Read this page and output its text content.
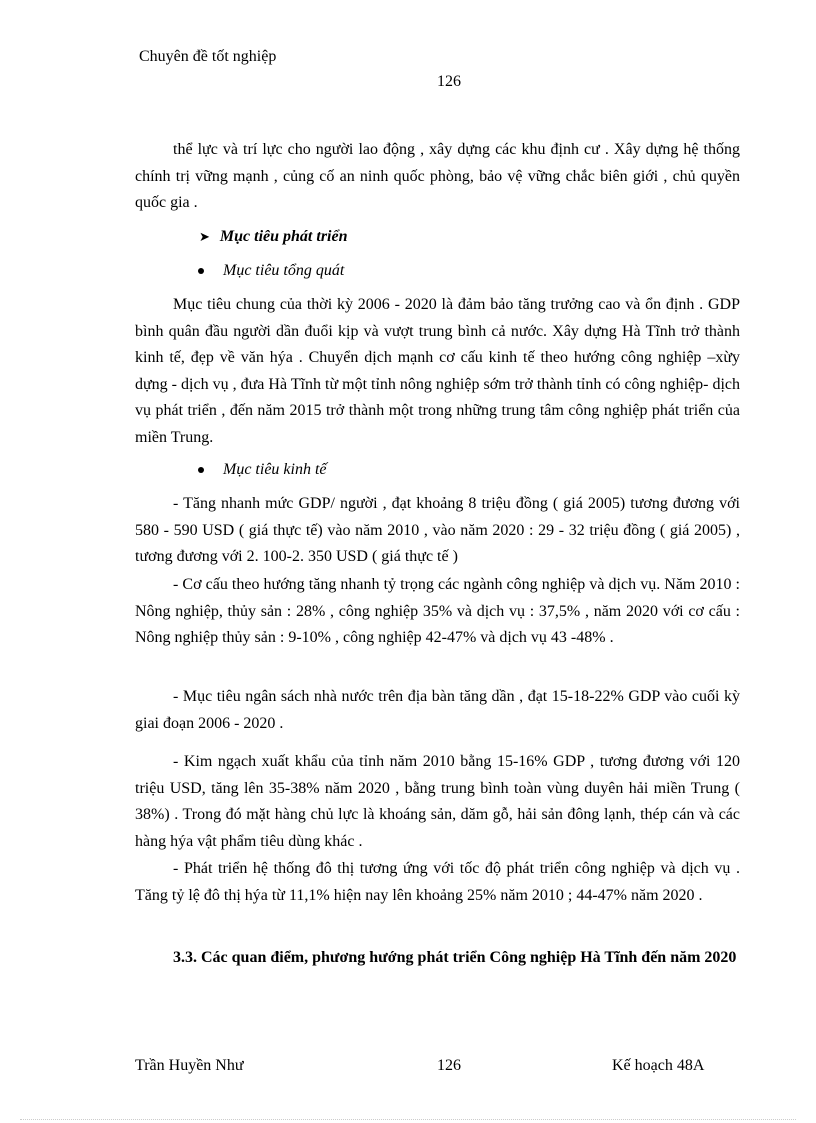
Chuyên đề tốt nghiệp
126

thể lực và trí lực cho người lao động , xây dựng các khu định cư . Xây dựng hệ thống chính trị vững mạnh , củng cố an ninh quốc phòng, bảo vệ vững chắc biên giới , chủ quyền quốc gia .

➤ Mục tiêu phát triển
Mục tiêu tổng quát

Mục tiêu chung của thời kỳ 2006 - 2020 là đảm bảo tăng trưởng cao và ổn định . GDP bình quân đầu người dần đuổi kịp và vượt trung bình cả nước. Xây dựng Hà Tĩnh trở thành kinh tế, đẹp về văn hýa . Chuyển dịch mạnh cơ cấu kinh tế theo hướng công nghiệp –xừy dựng - dịch vụ , đưa Hà Tĩnh từ một tỉnh nông nghiệp sớm trở thành tỉnh có công nghiệp- dịch vụ phát triển , đến năm 2015 trở thành một trong những trung tâm công nghiệp phát triển của miền Trung.

Mục tiêu kinh tế

- Tăng nhanh mức GDP/ người , đạt khoảng 8 triệu đồng ( giá 2005) tương đương với 580 - 590 USD ( giá thực tế) vào năm 2010 , vào năm 2020 : 29 - 32 triệu đồng ( giá 2005) , tương đương với 2. 100-2. 350 USD ( giá thực tế )

- Cơ cấu theo hướng tăng nhanh tỷ trọng các ngành công nghiệp và dịch vụ. Năm 2010 : Nông nghiệp, thủy sản : 28% , công nghiệp 35% và dịch vụ : 37,5% , năm 2020 với cơ cấu : Nông nghiệp thủy sản : 9-10% , công nghiệp 42-47% và dịch vụ 43 -48% .

- Mục tiêu ngân sách nhà nước trên địa bàn tăng dần , đạt 15-18-22% GDP vào cuối kỳ giai đoạn 2006 - 2020 .

- Kim ngạch xuất khẩu của tỉnh năm 2010 bằng 15-16% GDP , tương đương với 120 triệu USD, tăng lên 35-38% năm 2020 , bằng trung bình toàn vùng duyên hải miền Trung ( 38%) . Trong đó mặt hàng chủ lực là khoáng sản, dăm gỗ, hải sản đông lạnh, thép cán và các hàng hýa vật phẩm tiêu dùng khác .

- Phát triển hệ thống đô thị tương ứng với tốc độ phát triển công nghiệp và dịch vụ . Tăng tỷ lệ đô thị hýa từ 11,1% hiện nay lên khoảng 25% năm 2010 ; 44-47% năm 2020 .

3.3. Các quan điểm, phương hướng phát triển Công nghiệp Hà Tĩnh đến năm 2020

Trần Huyền Như	126	Kế hoạch 48A
